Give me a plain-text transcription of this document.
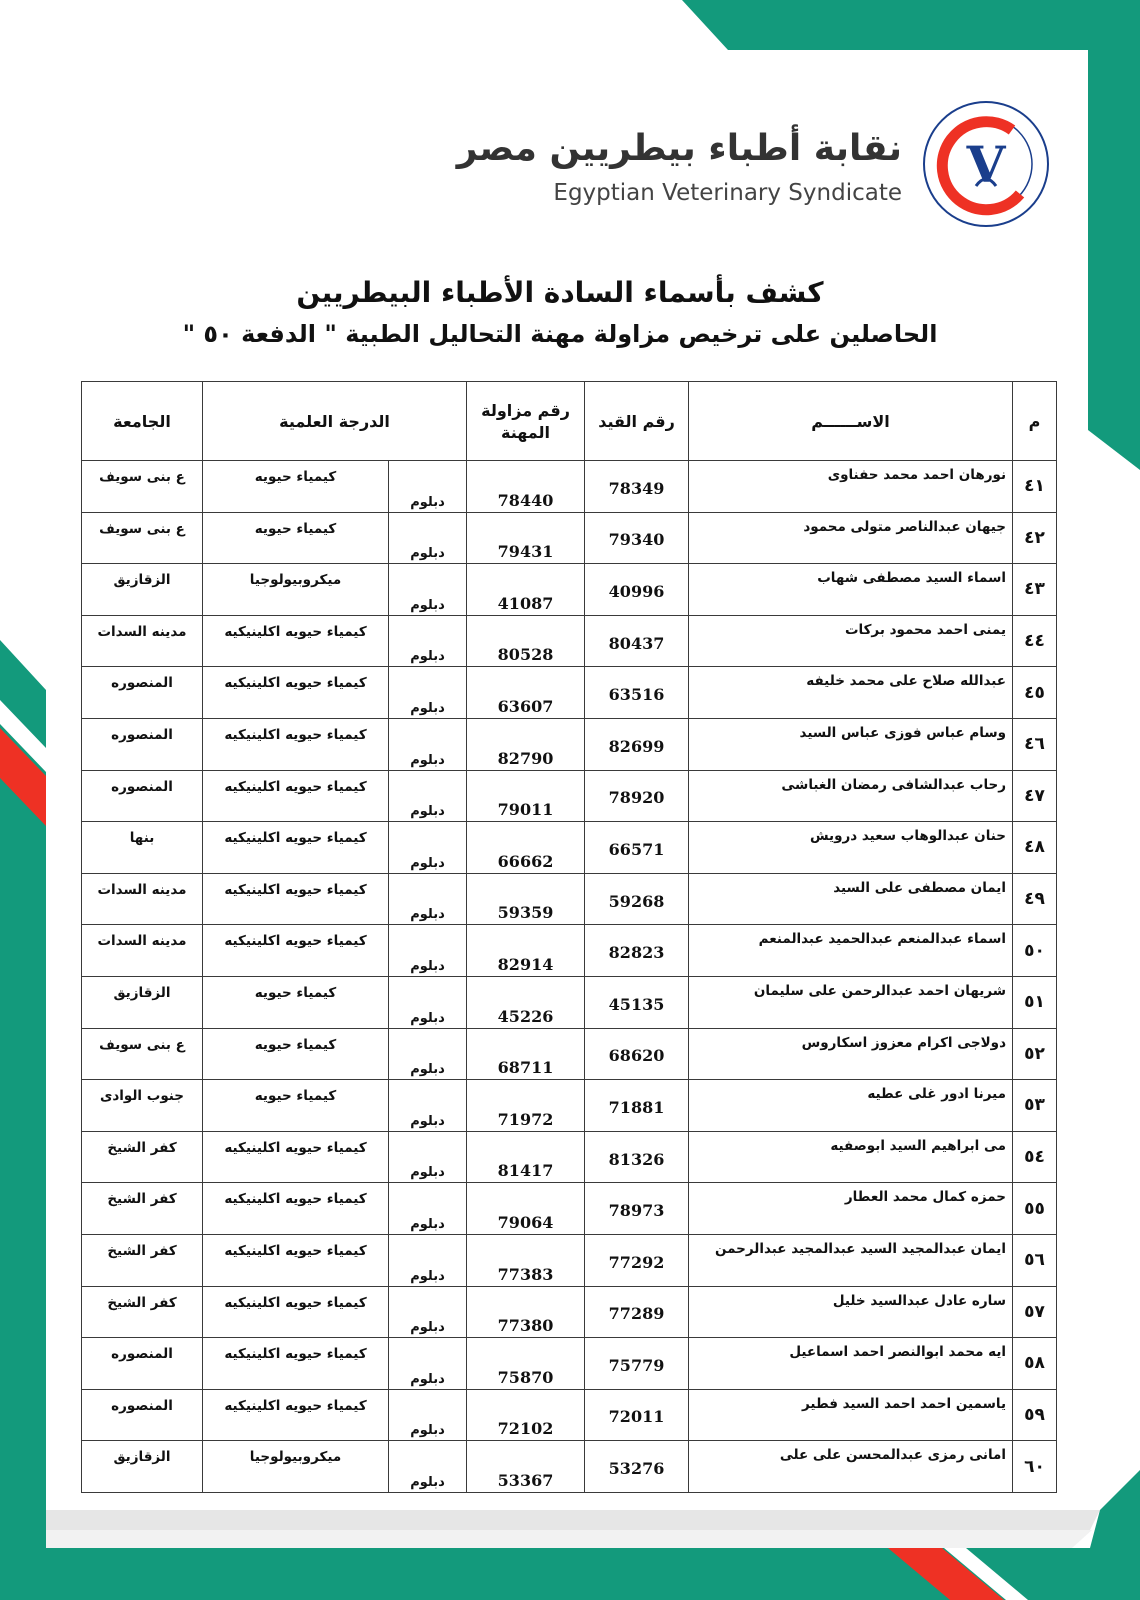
نقابة أطباء بيطريين مصر
Egyptian Veterinary Syndicate V
كشف بأسماء السادة الأطباء البيطريين
الحاصلين على ترخيص مزاولة مهنة التحاليل الطبية " الدفعة ٥٠ "
م	الاســــــم	رقم القيد	رقم مزاولة
المهنة	الدرجة العلمية		الجامعة
٤١	نورهان احمد محمد حفناوى	78349	78440	دبلوم	كيمياء حيويه	ع بنى سويف
٤٢	جيهان عبدالناصر متولى محمود	79340	79431	دبلوم	كيمياء حيويه	ع بنى سويف
٤٣	اسماء السيد مصطفى شهاب	40996	41087	دبلوم	ميكروبيولوجيا	الزقازيق
٤٤	يمنى احمد محمود بركات	80437	80528	دبلوم	كيمياء حيويه اكلينيكيه	مدينه السدات
٤٥	عبدالله صلاح على محمد خليفه	63516	63607	دبلوم	كيمياء حيويه اكلينيكيه	المنصوره
٤٦	وسام عباس فوزى عباس السيد	82699	82790	دبلوم	كيمياء حيويه اكلينيكيه	المنصوره
٤٧	رحاب عبدالشافى رمضان الغباشى	78920	79011	دبلوم	كيمياء حيويه اكلينيكيه	المنصوره
٤٨	حنان عبدالوهاب سعيد درويش	66571	66662	دبلوم	كيمياء حيويه اكلينيكيه	بنها
٤٩	ايمان مصطفى على السيد	59268	59359	دبلوم	كيمياء حيويه اكلينيكيه	مدينه السدات
٥٠	اسماء عبدالمنعم عبدالحميد عبدالمنعم	82823	82914	دبلوم	كيمياء حيويه اكلينيكيه	مدينه السدات
٥١	شريهان احمد عبدالرحمن على سليمان	45135	45226	دبلوم	كيمياء حيويه	الزقازيق
٥٢	دولاجى اكرام معزوز اسكاروس	68620	68711	دبلوم	كيمياء حيويه	ع بنى سويف
٥٣	ميرنا ادور غلى عطيه	71881	71972	دبلوم	كيمياء حيويه	جنوب الوادى
٥٤	مى ابراهيم السيد ابوصفيه	81326	81417	دبلوم	كيمياء حيويه اكلينيكيه	كفر الشيخ
٥٥	حمزه كمال محمد العطار	78973	79064	دبلوم	كيمياء حيويه اكلينيكيه	كفر الشيخ
٥٦	ايمان عبدالمجيد السيد عبدالمجيد عبدالرحمن	77292	77383	دبلوم	كيمياء حيويه اكلينيكيه	كفر الشيخ
٥٧	ساره عادل عبدالسيد خليل	77289	77380	دبلوم	كيمياء حيويه اكلينيكيه	كفر الشيخ
٥٨	ايه محمد ابوالنصر احمد اسماعيل	75779	75870	دبلوم	كيمياء حيويه اكلينيكيه	المنصوره
٥٩	ياسمين احمد احمد السيد فطير	72011	72102	دبلوم	كيمياء حيويه اكلينيكيه	المنصوره
٦٠	امانى رمزى عبدالمحسن على على	53276	53367	دبلوم	ميكروبيولوجيا	الزقازيق
